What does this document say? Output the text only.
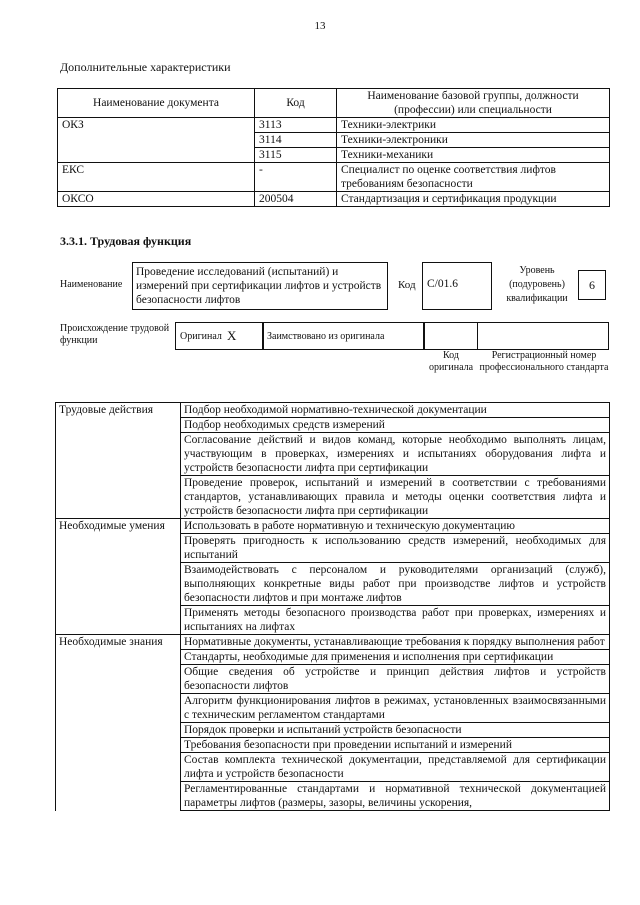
13
Дополнительные характеристики
Наименование документа	Код	Наименование базовой группы, должности (профессии) или специальности
ОКЗ	3113	Техники-электрики
	3114	Техники-электроники
	3115	Техники-механики
ЕКС	-	Специалист по оценке соответствия лифтов требованиям безопасности
ОКСО	200504	Стандартизация и сертификация продукции
3.3.1. Трудовая функция
Наименование
Проведение исследований (испытаний) и измерений при сертификации лифтов и устройств безопасности лифтов
Код С/01.6
Уровень (подуровень) квалификации
6
Происхождение трудовой функции	Оригинал X	Заимствовано из оригинала
Код оригинала
Регистрационный номер профессионального стандарта
Трудовые действия	Подбор необходимой нормативно-технической документации
	Подбор необходимых средств измерений
	Согласование действий и видов команд, которые необходимо выполнять лицам, участвующим в проверках, измерениях и испытаниях оборудования лифта и устройств безопасности лифта при сертификации
	Проведение проверок, испытаний и измерений в соответствии с требованиями стандартов, устанавливающих правила и методы оценки соответствия лифта и устройств безопасности лифта при сертификации
Необходимые умения	Использовать в работе нормативную и техническую документацию
	Проверять пригодность к использованию средств измерений, необходимых для испытаний
	Взаимодействовать с персоналом и руководителями организаций (служб), выполняющих конкретные виды работ при производстве лифтов и устройств безопасности лифтов и при монтаже лифтов
	Применять методы безопасного производства работ при проверках, измерениях и испытаниях на лифтах
Необходимые знания	Нормативные документы, устанавливающие требования к порядку выполнения работ
	Стандарты, необходимые для применения и исполнения при сертификации
	Общие сведения об устройстве и принцип действия лифтов и устройств безопасности лифтов
	Алгоритм функционирования лифтов в режимах, установленных взаимосвязанными с техническим регламентом стандартами
	Порядок проверки и испытаний устройств безопасности
	Требования безопасности при проведении испытаний и измерений
	Состав комплекта технической документации, представляемой для сертификации лифта и устройств безопасности
	Регламентированные стандартами и нормативной технической документацией параметры лифтов (размеры, зазоры, величины ускорения,
